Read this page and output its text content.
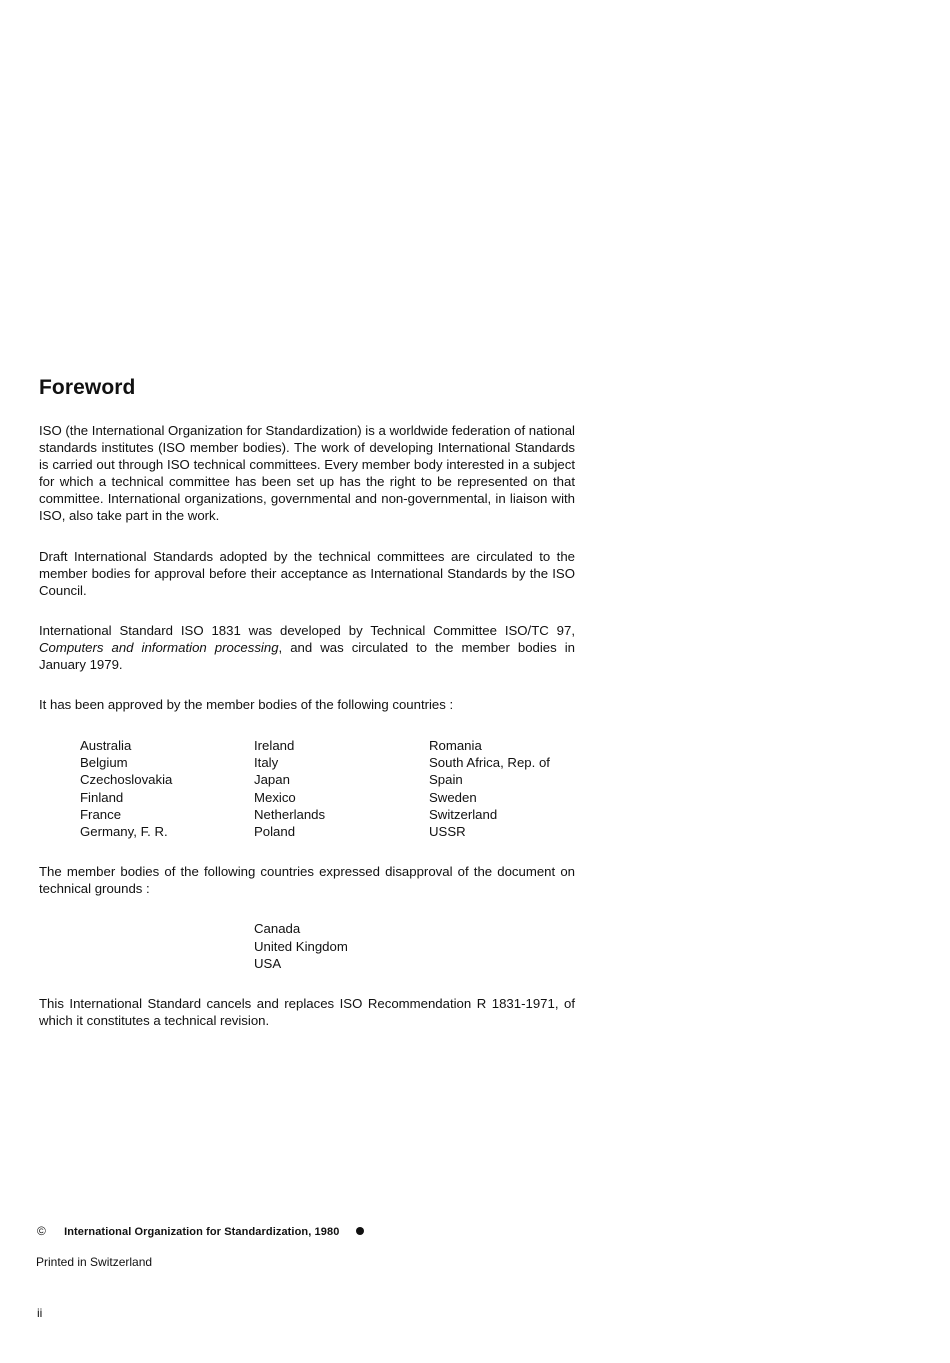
Foreword

ISO (the International Organization for Standardization) is a worldwide federation of national standards institutes (ISO member bodies). The work of developing International Standards is carried out through ISO technical committees. Every member body interested in a subject for which a technical committee has been set up has the right to be represented on that committee. International organizations, governmental and non-governmental, in liaison with ISO, also take part in the work.

Draft International Standards adopted by the technical committees are circulated to the member bodies for approval before their acceptance as International Standards by the ISO Council.

International Standard ISO 1831 was developed by Technical Committee ISO/TC 97, Computers and information processing, and was circulated to the member bodies in January 1979.

It has been approved by the member bodies of the following countries :

Australia
Belgium
Czechoslovakia
Finland
France
Germany, F. R.
Ireland
Italy
Japan
Mexico
Netherlands
Poland
Romania
South Africa, Rep. of
Spain
Sweden
Switzerland
USSR

The member bodies of the following countries expressed disapproval of the document on technical grounds :

Canada
United Kingdom
USA

This International Standard cancels and replaces ISO Recommendation R 1831-1971, of which it constitutes a technical revision.

© International Organization for Standardization, 1980
Printed in Switzerland
ii
